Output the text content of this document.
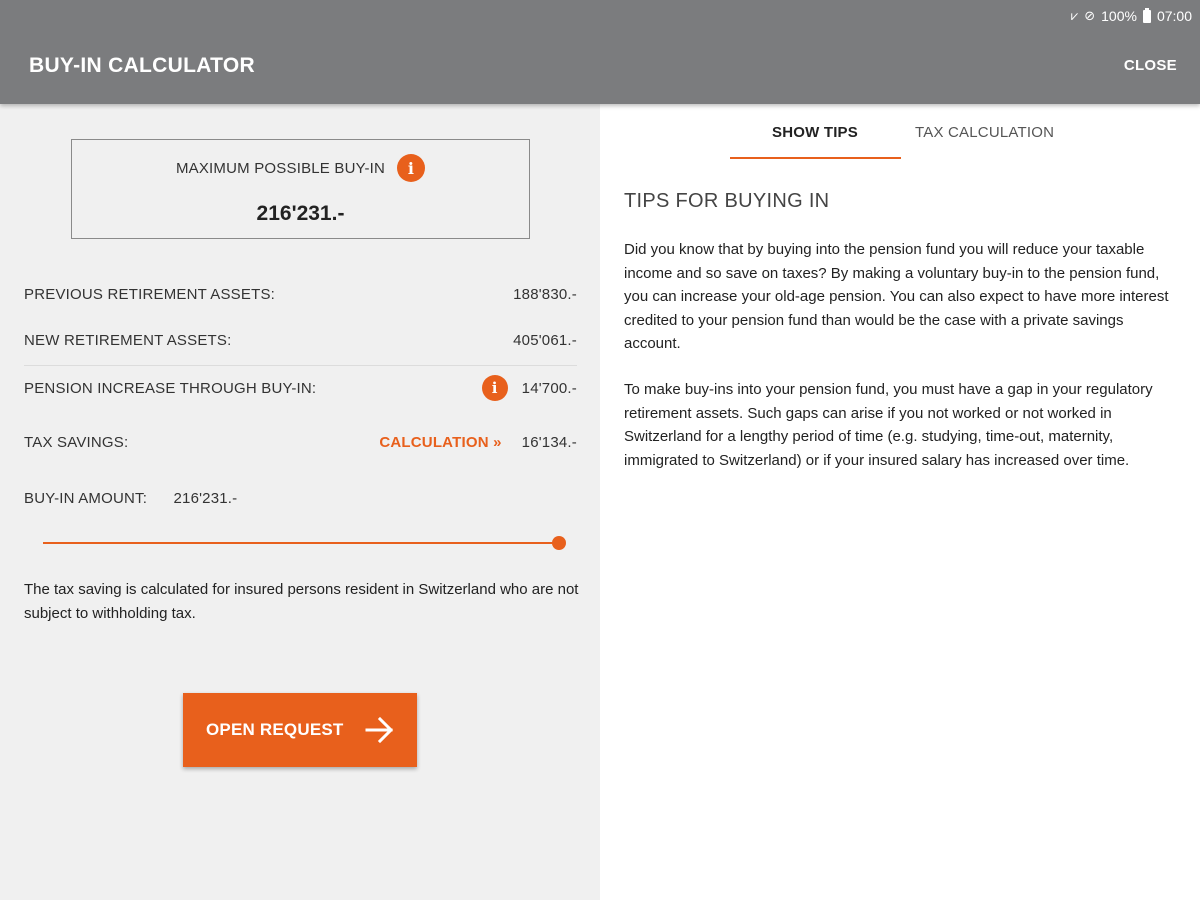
⩗ ⊘ 100% 07:00
BUY-IN CALCULATOR	CLOSE
MAXIMUM POSSIBLE BUY-IN	i
216'231.-
PREVIOUS RETIREMENT ASSETS:	188'830.-
NEW RETIREMENT ASSETS:	405'061.-
PENSION INCREASE THROUGH BUY-IN:	i	14'700.-
TAX SAVINGS:	CALCULATION » 16'134.-
BUY-IN AMOUNT: 216'231.-
The tax saving is calculated for insured persons resident in Switzerland who are not subject to withholding tax.
OPEN REQUEST
SHOW TIPS	TAX CALCULATION
TIPS FOR BUYING IN

Did you know that by buying into the pension fund you will reduce your taxable income and so save on taxes? By making a voluntary buy-in to the pension fund, you can increase your old-age pension. You can also expect to have more interest credited to your pension fund than would be the case with a private savings account.

To make buy-ins into your pension fund, you must have a gap in your regulatory retirement assets. Such gaps can arise if you not worked or not worked in Switzerland for a lengthy period of time (e.g. studying, time-out, maternity, immigrated to Switzerland) or if your insured salary has increased over time.
